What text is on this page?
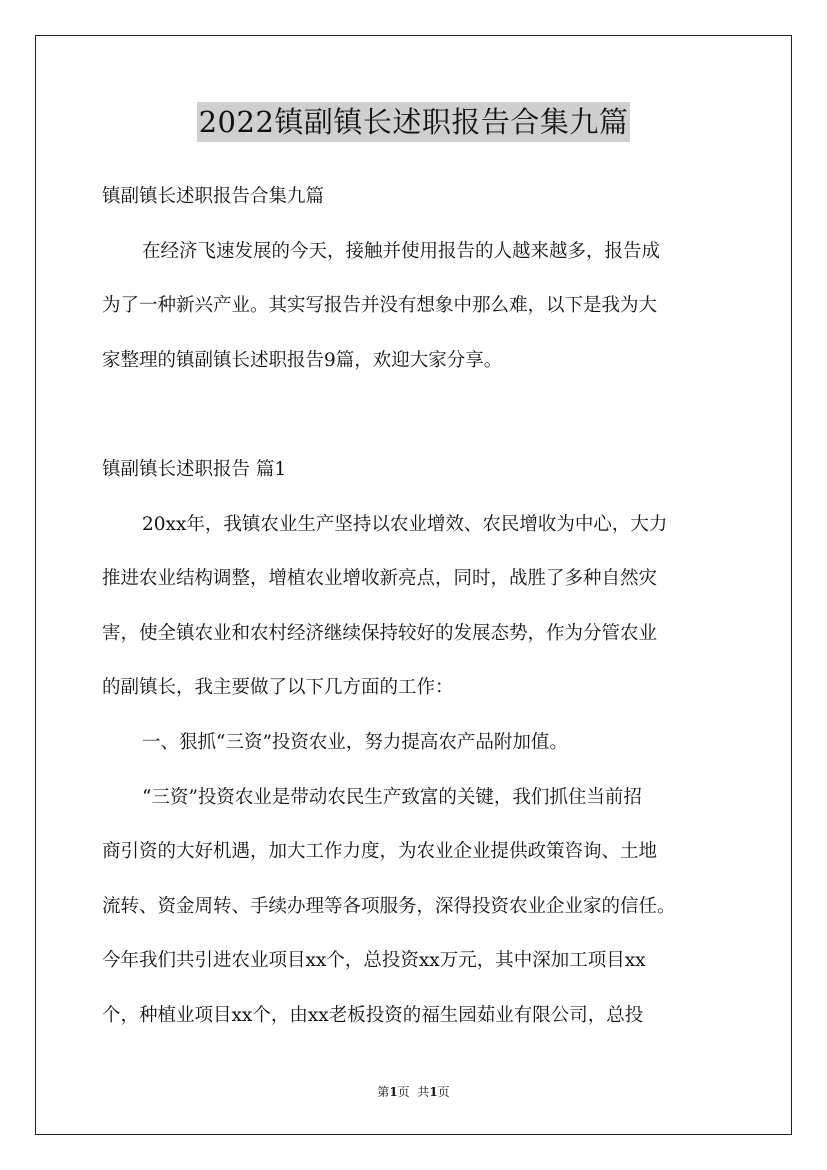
2022镇副镇长述职报告合集九篇

镇副镇长述职报告合集九篇

在经济飞速发展的今天，接触并使用报告的人越来越多，报告成

为了一种新兴产业。其实写报告并没有想象中那么难，以下是我为大

家整理的镇副镇长述职报告9篇，欢迎大家分享。

镇副镇长述职报告 篇1

20xx年，我镇农业生产坚持以农业增效、农民增收为中心，大力

推进农业结构调整，增植农业增收新亮点，同时，战胜了多种自然灾

害，使全镇农业和农村经济继续保持较好的发展态势，作为分管农业

的副镇长，我主要做了以下几方面的工作：

一、狠抓“三资”投资农业，努力提高农产品附加值。

“三资”投资农业是带动农民生产致富的关键，我们抓住当前招

商引资的大好机遇，加大工作力度，为农业企业提供政策咨询、土地

流转、资金周转、手续办理等各项服务，深得投资农业企业家的信任。

今年我们共引进农业项目xx个，总投资xx万元，其中深加工项目xx

个，种植业项目xx个，由xx老板投资的福生园茹业有限公司，总投

第1页  共1页
